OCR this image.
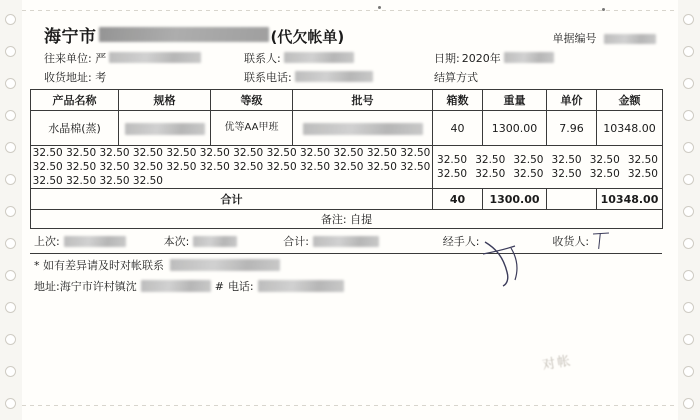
海宁市	(代欠帐单)	单据编号
往来单位: 严	联系人:	日期: 2020年
收货地址: 考	联系电话:	结算方式
产品名称	规格	等级	批号	箱数	重量	单价	金额
水晶棉(蒸)		优等AA甲班		40	1300.00	7.96	10348.00

32.50 32.50 32.50 32.50 32.50 32.50 32.50 32.50 32.50 32.50 32.50 32.50
32.50 32.50 32.50 32.50 32.50 32.50 32.50 32.50 32.50 32.50 32.50 32.50
32.50 32.50 32.50 32.50

32.50 32.50 32.50 32.50 32.50 32.50
32.50 32.50 32.50 32.50 32.50 32.50

合计				40	1300.00		10348.00
备注: 自提							
上次:	本次:	合计:	经手人:	收货人:
* 如有差异请及时对帐联系
地址:海宁市许村镇沈	# 电话:
对帐
